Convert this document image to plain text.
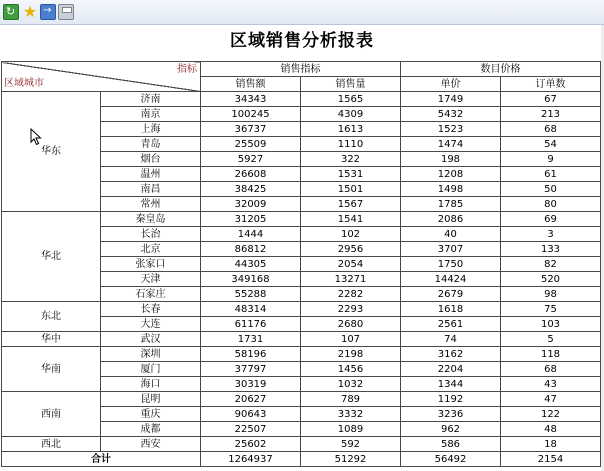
↻
★
→
区域销售分析报表
指标
区域城市		销售指标		数目价格	
		销售额	销售量	单价	订单数
华东	济南	34343	1565	1749	67
	南京	100245	4309	5432	213
	上海	36737	1613	1523	68
	青岛	25509	1110	1474	54
	烟台	5927	322	198	9
	温州	26608	1531	1208	61
	南昌	38425	1501	1498	50
	常州	32009	1567	1785	80
华北	秦皇岛	31205	1541	2086	69
	长治	1444	102	40	3
	北京	86812	2956	3707	133
	张家口	44305	2054	1750	82
	天津	349168	13271	14424	520
	石家庄	55288	2282	2679	98
东北	长春	48314	2293	1618	75
	大连	61176	2680	2561	103
华中	武汉	1731	107	74	5
华南	深圳	58196	2198	3162	118
	厦门	37797	1456	2204	68
	海口	30319	1032	1344	43
西南	昆明	20627	789	1192	47
	重庆	90643	3332	3236	122
	成都	22507	1089	962	48
西北	西安	25602	592	586	18
合计		1264937	51292	56492	2154
